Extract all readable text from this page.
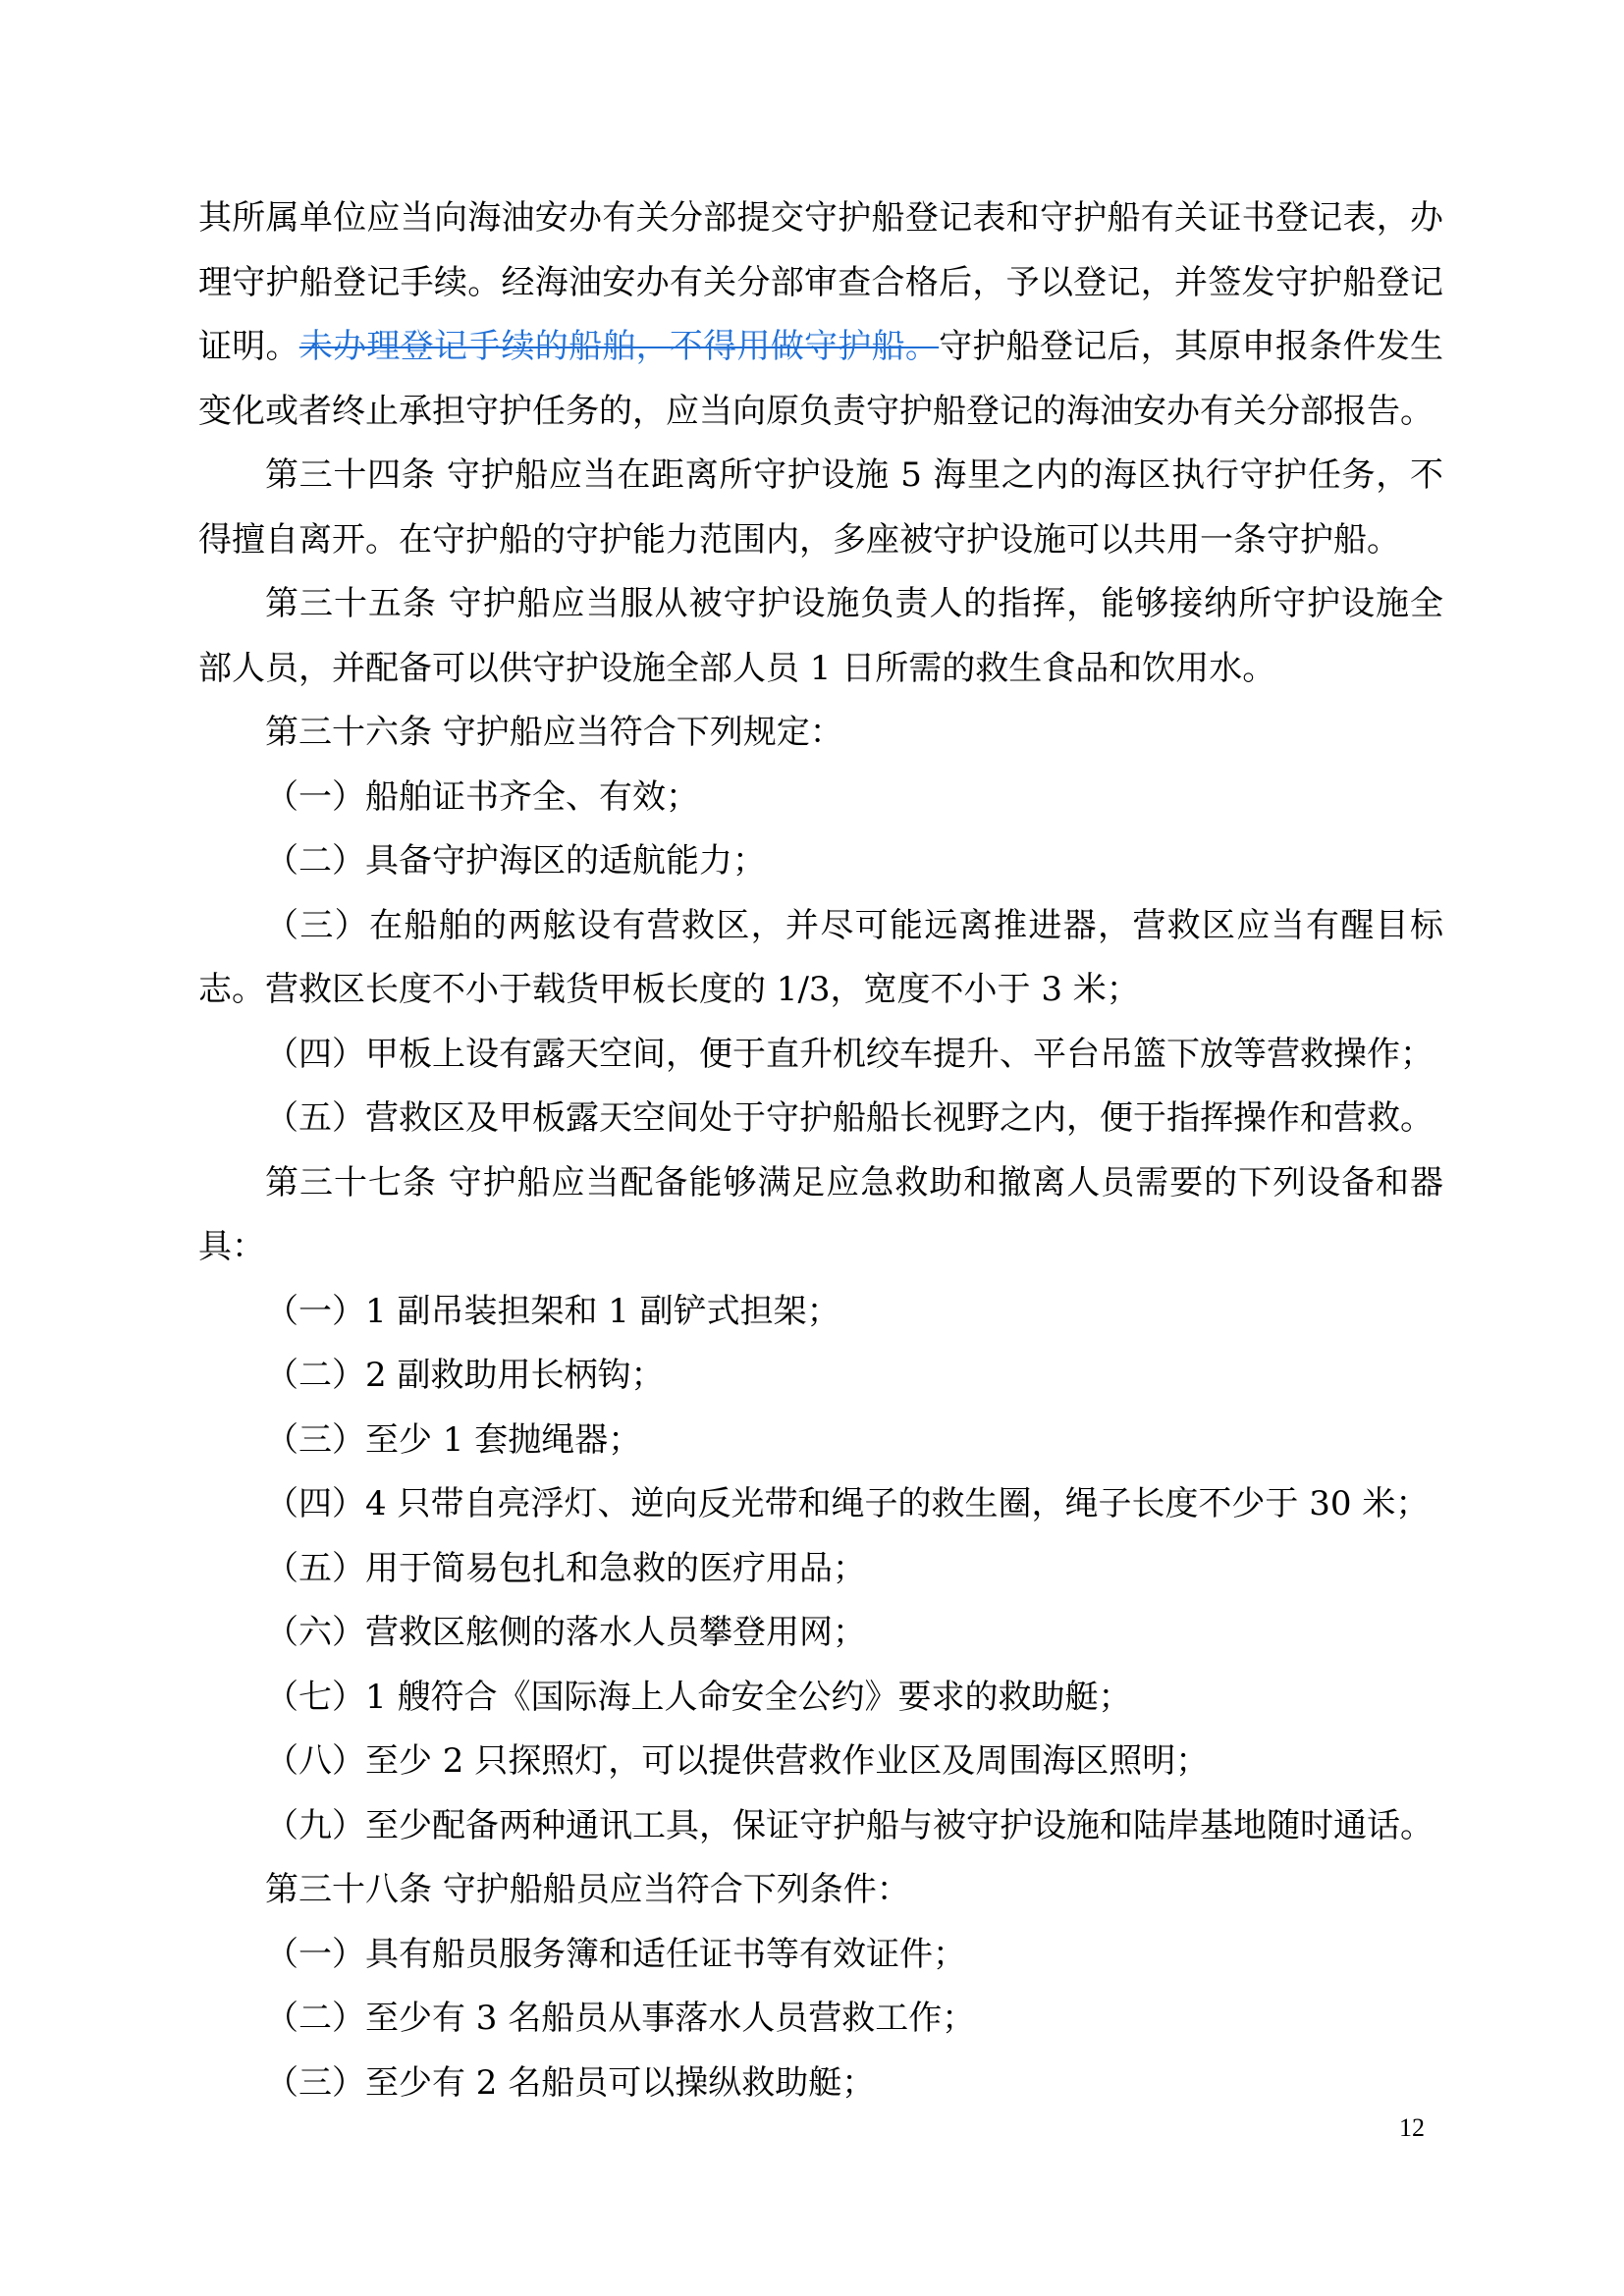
其所属单位应当向海油安办有关分部提交守护船登记表和守护船有关证书登记表，办理守护船登记手续。经海油安办有关分部审查合格后，予以登记，并签发守护船登记证明。未办理登记手续的船舶，不得用做守护船。守护船登记后，其原申报条件发生变化或者终止承担守护任务的，应当向原负责守护船登记的海油安办有关分部报告。

第三十四条 守护船应当在距离所守护设施 5 海里之内的海区执行守护任务，不得擅自离开。在守护船的守护能力范围内，多座被守护设施可以共用一条守护船。

第三十五条 守护船应当服从被守护设施负责人的指挥，能够接纳所守护设施全部人员，并配备可以供守护设施全部人员 1 日所需的救生食品和饮用水。

第三十六条 守护船应当符合下列规定：

（一）船舶证书齐全、有效；

（二）具备守护海区的适航能力；

（三）在船舶的两舷设有营救区，并尽可能远离推进器，营救区应当有醒目标志。营救区长度不小于载货甲板长度的 1/3，宽度不小于 3 米；

（四）甲板上设有露天空间，便于直升机绞车提升、平台吊篮下放等营救操作；

（五）营救区及甲板露天空间处于守护船船长视野之内，便于指挥操作和营救。

第三十七条 守护船应当配备能够满足应急救助和撤离人员需要的下列设备和器具：

（一）1 副吊装担架和 1 副铲式担架；

（二）2 副救助用长柄钩；

（三）至少 1 套抛绳器；

（四）4 只带自亮浮灯、逆向反光带和绳子的救生圈，绳子长度不少于 30 米；

（五）用于简易包扎和急救的医疗用品；

（六）营救区舷侧的落水人员攀登用网；

（七）1 艘符合《国际海上人命安全公约》要求的救助艇；

（八）至少 2 只探照灯，可以提供营救作业区及周围海区照明；

（九）至少配备两种通讯工具，保证守护船与被守护设施和陆岸基地随时通话。

第三十八条 守护船船员应当符合下列条件：

（一）具有船员服务簿和适任证书等有效证件；

（二）至少有 3 名船员从事落水人员营救工作；

（三）至少有 2 名船员可以操纵救助艇；

12
